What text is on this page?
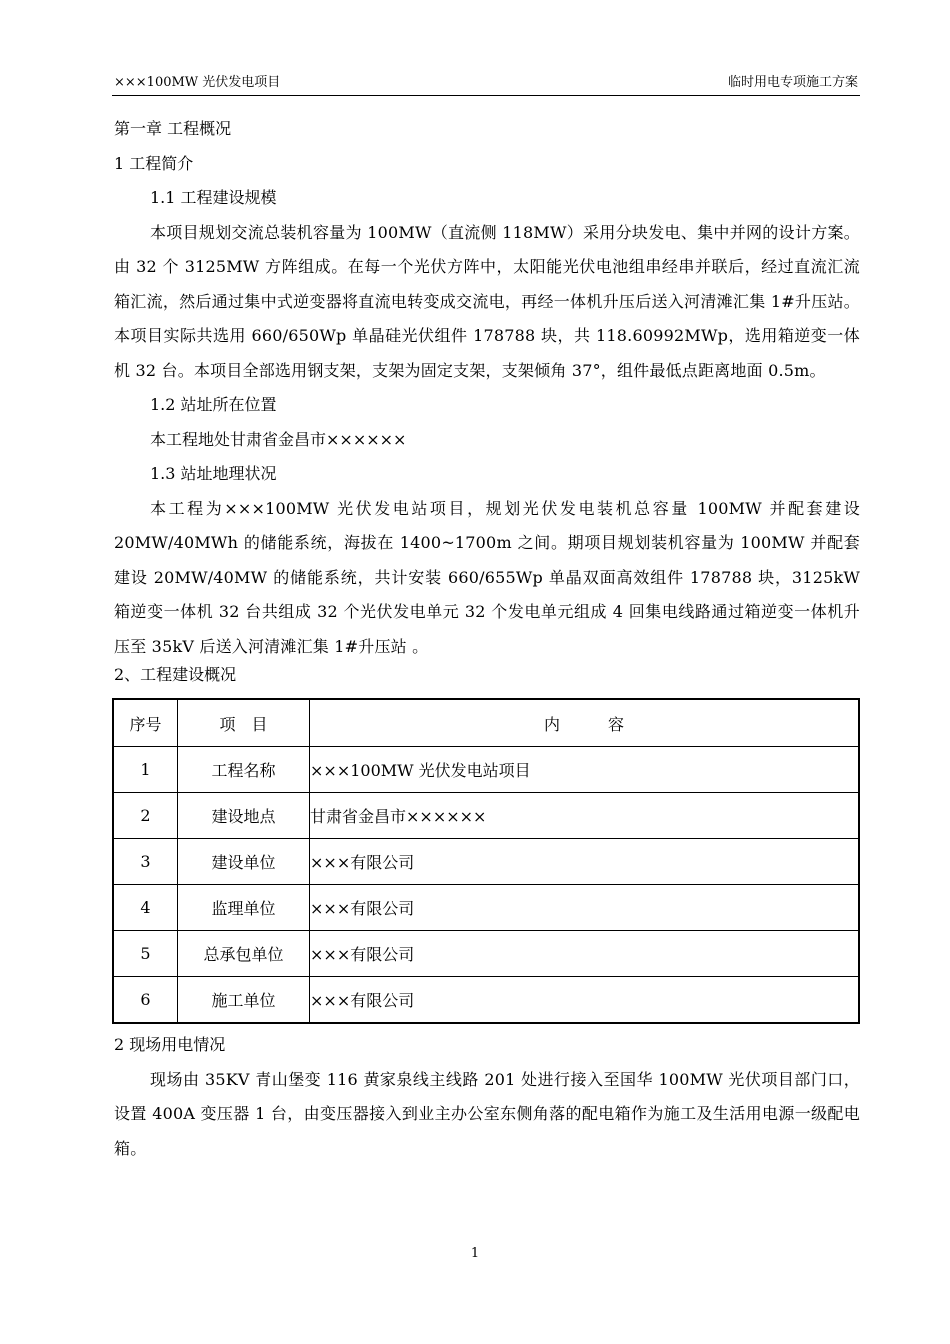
×××100MW 光伏发电项目	临时用电专项施工方案
第一章 工程概况
1 工程简介
1.1 工程建设规模
本项目规划交流总装机容量为 100MW（直流侧 118MW）采用分块发电、集中并网的设计方案。由 32 个 3125MW 方阵组成。在每一个光伏方阵中，太阳能光伏电池组串经串并联后，经过直流汇流箱汇流，然后通过集中式逆变器将直流电转变成交流电，再经一体机升压后送入河清滩汇集 1#升压站。本项目实际共选用 660/650Wp 单晶硅光伏组件 178788 块，共 118.60992MWp，选用箱逆变一体机 32 台。本项目全部选用钢支架，支架为固定支架，支架倾角 37°，组件最低点距离地面 0.5m。
1.2 站址所在位置
本工程地处甘肃省金昌市××××××
1.3 站址地理状况
本工程为×××100MW 光伏发电站项目，规划光伏发电装机总容量 100MW 并配套建设 20MW/40MWh 的储能系统，海拔在 1400~1700m 之间。期项目规划装机容量为 100MW 并配套建设 20MW/40MW 的储能系统，共计安装 660/655Wp 单晶双面高效组件 178788 块，3125kW 箱逆变一体机 32 台共组成 32 个光伏发电单元 32 个发电单元组成 4 回集电线路通过箱逆变一体机升压至 35kV 后送入河清滩汇集 1#升压站 。
2、工程建设概况
序号	项　目	内　　　容
1	工程名称	×××100MW 光伏发电站项目
2	建设地点	甘肃省金昌市××××××
3	建设单位	×××有限公司
4	监理单位	×××有限公司
5	总承包单位	×××有限公司
6	施工单位	×××有限公司
2 现场用电情况
现场由 35KV 青山堡变 116 黄家泉线主线路 201 处进行接入至国华 100MW 光伏项目部门口，设置 400A 变压器 1 台，由变压器接入到业主办公室东侧角落的配电箱作为施工及生活用电源一级配电箱。
1
